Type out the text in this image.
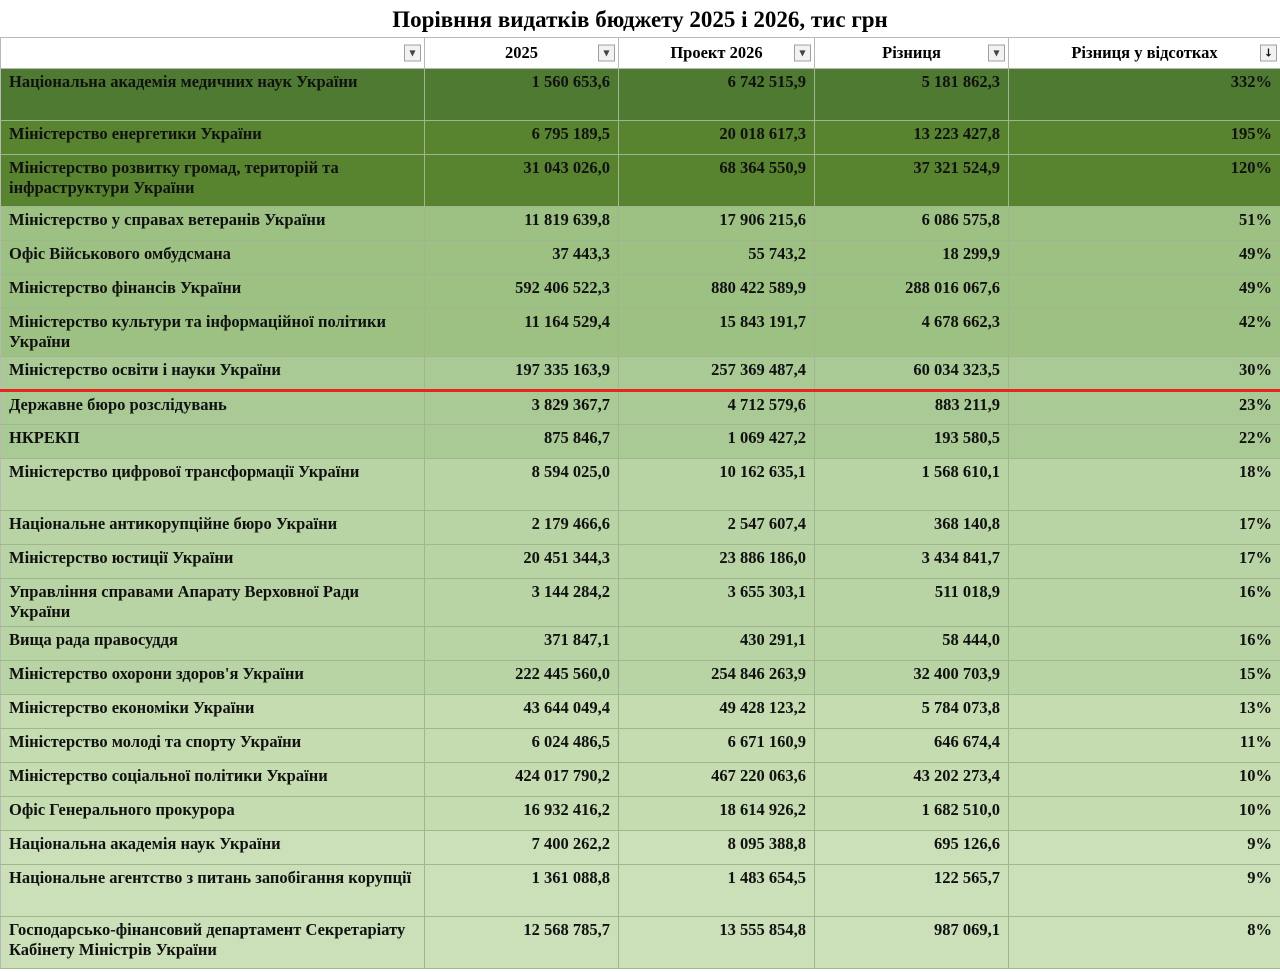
Порівння видатків бюджету 2025 і 2026, тис грн
▼	2025 ▼	Проект 2026 ▼	Різниця ▼	Різниця у відсотках ↓

Національна академія медичних наук України	1 560 653,6	6 742 515,9	5 181 862,3	332%
Міністерство енергетики України	6 795 189,5	20 018 617,3	13 223 427,8	195%
Міністерство розвитку громад, територій та інфраструктури України	31 043 026,0	68 364 550,9	37 321 524,9	120%
Міністерство у справах ветеранів України	11 819 639,8	17 906 215,6	6 086 575,8	51%
Офіс Військового омбудсмана	37 443,3	55 743,2	18 299,9	49%
Міністерство фінансів України	592 406 522,3	880 422 589,9	288 016 067,6	49%
Міністерство культури та інформаційної політики України	11 164 529,4	15 843 191,7	4 678 662,3	42%
Міністерство освіти і науки України	197 335 163,9	257 369 487,4	60 034 323,5	30%
Державне бюро розслідувань	3 829 367,7	4 712 579,6	883 211,9	23%
НКРЕКП	875 846,7	1 069 427,2	193 580,5	22%
Міністерство цифрової трансформації України	8 594 025,0	10 162 635,1	1 568 610,1	18%
Національне антикорупційне бюро України	2 179 466,6	2 547 607,4	368 140,8	17%
Міністерство юстиції України	20 451 344,3	23 886 186,0	3 434 841,7	17%
Управління справами Апарату Верховної Ради України	3 144 284,2	3 655 303,1	511 018,9	16%
Вища рада правосуддя	371 847,1	430 291,1	58 444,0	16%
Міністерство охорони здоров'я України	222 445 560,0	254 846 263,9	32 400 703,9	15%
Міністерство економіки України	43 644 049,4	49 428 123,2	5 784 073,8	13%
Міністерство молоді та спорту України	6 024 486,5	6 671 160,9	646 674,4	11%
Міністерство соціальної політики України	424 017 790,2	467 220 063,6	43 202 273,4	10%
Офіс Генерального прокурора	16 932 416,2	18 614 926,2	1 682 510,0	10%
Національна академія наук України	7 400 262,2	8 095 388,8	695 126,6	9%
Національне агентство з питань запобігання корупції	1 361 088,8	1 483 654,5	122 565,7	9%
Господарсько-фінансовий департамент Секретаріату Кабінету Міністрів України	12 568 785,7	13 555 854,8	987 069,1	8%
